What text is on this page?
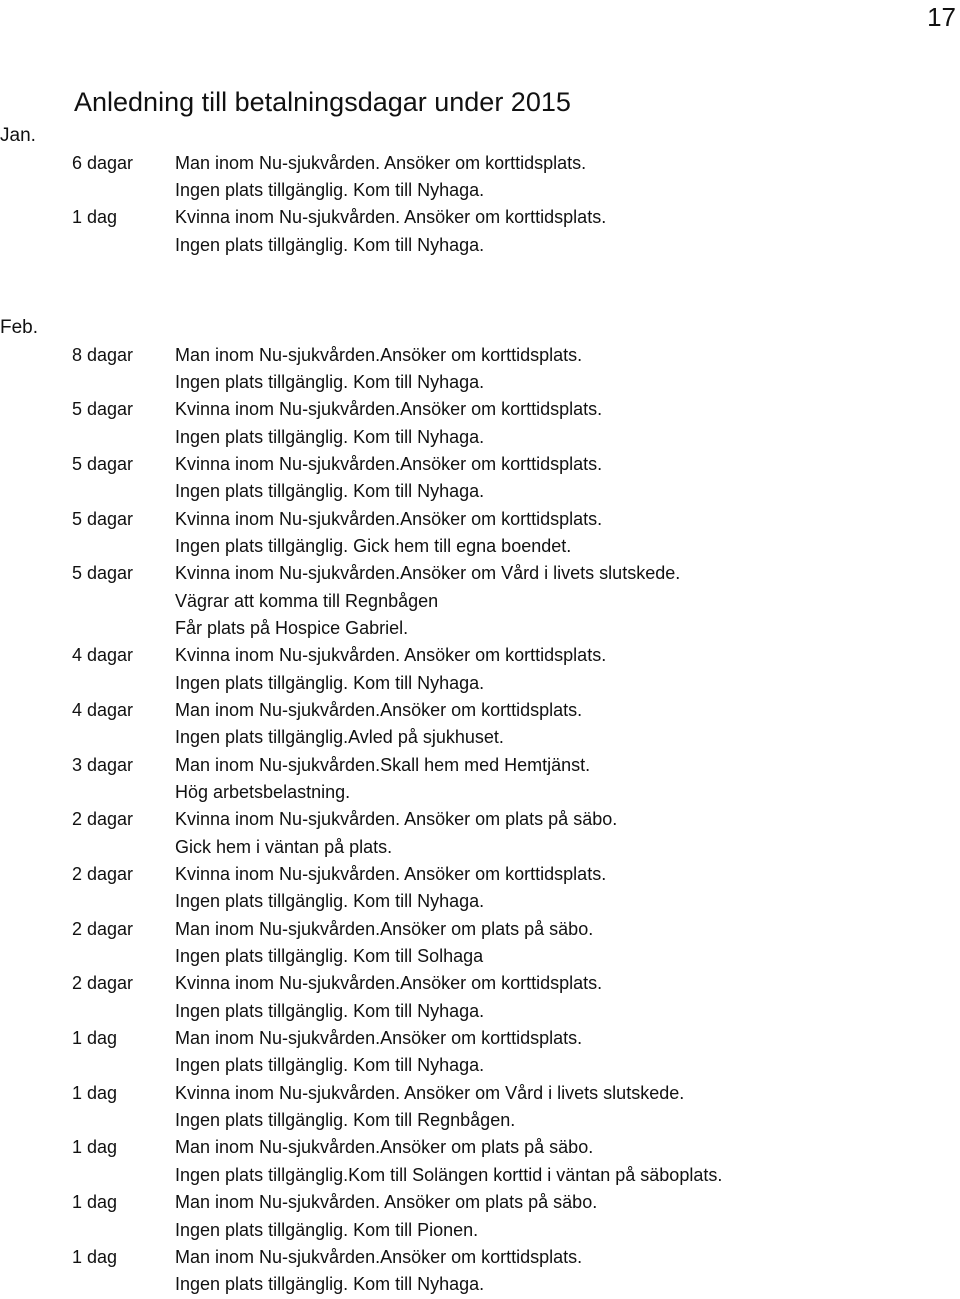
17
Anledning till betalningsdagar under 2015
Jan.
6 dagar	Man inom Nu-sjukvården. Ansöker om korttidsplats.
Ingen plats tillgänglig. Kom till Nyhaga.
1 dag	Kvinna inom Nu-sjukvården. Ansöker om korttidsplats.
Ingen plats tillgänglig. Kom till Nyhaga.
Feb.
8 dagar	Man inom Nu-sjukvården.Ansöker om korttidsplats.
Ingen plats tillgänglig. Kom till Nyhaga.
5 dagar	Kvinna inom Nu-sjukvården.Ansöker om korttidsplats.
Ingen plats tillgänglig. Kom till Nyhaga.
5 dagar	Kvinna inom Nu-sjukvården.Ansöker om korttidsplats.
Ingen plats tillgänglig. Kom till Nyhaga.
5 dagar	Kvinna inom Nu-sjukvården.Ansöker om korttidsplats.
Ingen plats tillgänglig. Gick hem till egna boendet.
5 dagar	Kvinna inom Nu-sjukvården.Ansöker om Vård i livets slutskede.
Vägrar att komma till Regnbågen
Får plats på Hospice Gabriel.
4 dagar	Kvinna inom Nu-sjukvården. Ansöker om korttidsplats.
Ingen plats tillgänglig. Kom till Nyhaga.
4 dagar	Man inom Nu-sjukvården.Ansöker om korttidsplats.
Ingen plats tillgänglig.Avled på sjukhuset.
3 dagar	Man inom Nu-sjukvården.Skall hem med Hemtjänst.
Hög arbetsbelastning.
2 dagar	Kvinna inom Nu-sjukvården. Ansöker om plats på säbo.
Gick hem i väntan på plats.
2 dagar	Kvinna inom Nu-sjukvården. Ansöker om korttidsplats.
Ingen plats tillgänglig. Kom till Nyhaga.
2 dagar	Man inom Nu-sjukvården.Ansöker om plats på säbo.
Ingen plats tillgänglig. Kom till Solhaga
2 dagar	Kvinna inom Nu-sjukvården.Ansöker om korttidsplats.
Ingen plats tillgänglig. Kom till Nyhaga.
1 dag	Man inom Nu-sjukvården.Ansöker om korttidsplats.
Ingen plats tillgänglig. Kom till Nyhaga.
1 dag	Kvinna inom Nu-sjukvården. Ansöker om Vård i livets slutskede.
Ingen plats tillgänglig. Kom till Regnbågen.
1 dag	Man inom Nu-sjukvården.Ansöker om plats på säbo.
Ingen plats tillgänglig.Kom till Solängen korttid i väntan på säboplats.
1 dag	Man inom Nu-sjukvården. Ansöker om plats på säbo.
Ingen plats tillgänglig. Kom till Pionen.
1 dag	Man inom Nu-sjukvården.Ansöker om korttidsplats.
Ingen plats tillgänglig. Kom till Nyhaga.
